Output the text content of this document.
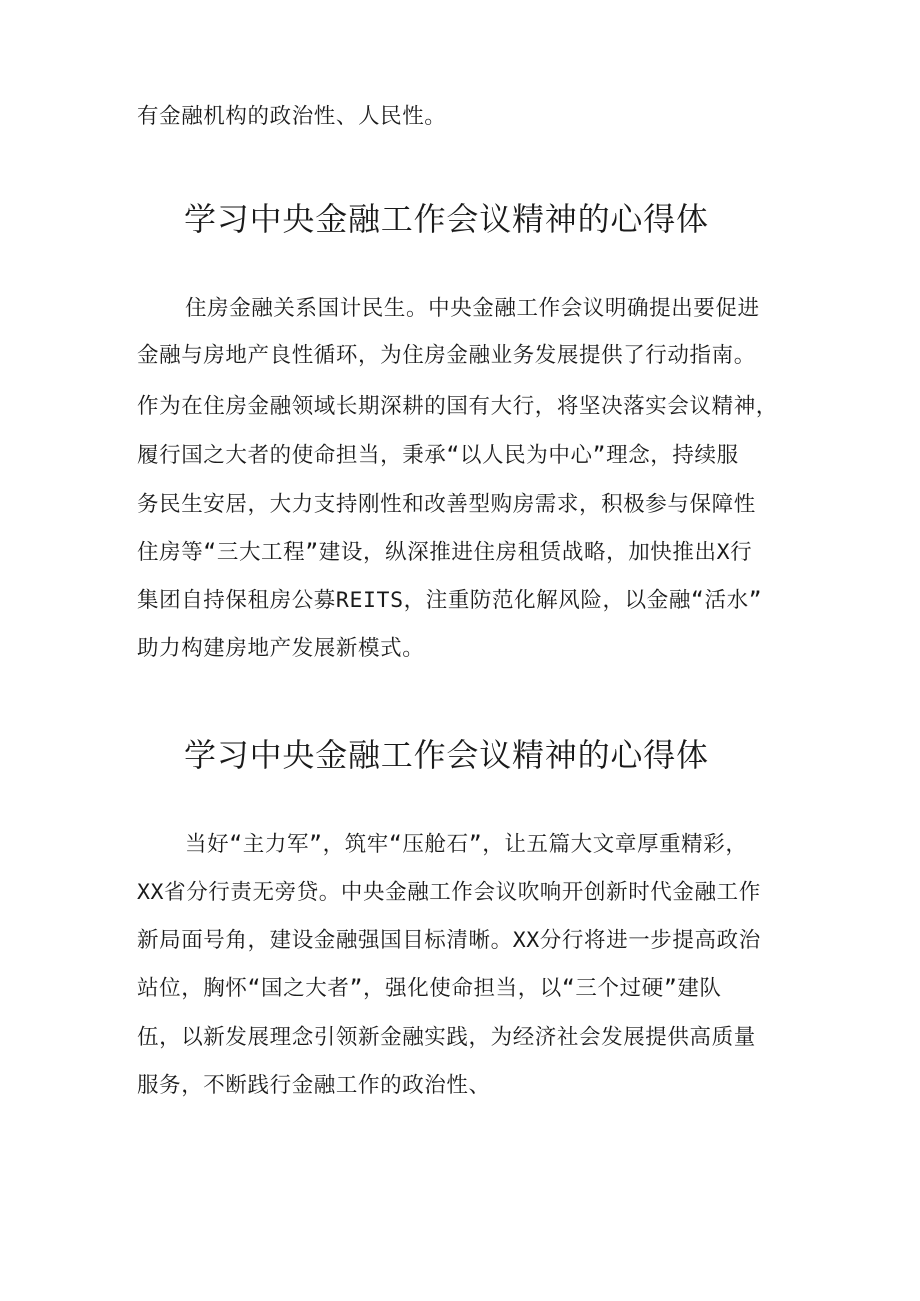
有金融机构的政治性、人民性。
学习中央金融工作会议精神的心得体
住房金融关系国计民生。中央金融工作会议明确提出要促进
金融与房地产良性循环，为住房金融业务发展提供了行动指南。
作为在住房金融领域长期深耕的国有大行，将坚决落实会议精神，
履行国之大者的使命担当，秉承“以人民为中心”理念，持续服
务民生安居，大力支持刚性和改善型购房需求，积极参与保障性
住房等“三大工程”建设，纵深推进住房租赁战略，加快推出X行
集团自持保租房公募REITS，注重防范化解风险，以金融“活水”
助力构建房地产发展新模式。
学习中央金融工作会议精神的心得体
当好“主力军”，筑牢“压舱石”，让五篇大文章厚重精彩，
XX省分行责无旁贷。中央金融工作会议吹响开创新时代金融工作
新局面号角，建设金融强国目标清晰。XX分行将进一步提高政治
站位，胸怀“国之大者”，强化使命担当，以“三个过硬”建队
伍，以新发展理念引领新金融实践，为经济社会发展提供高质量
服务，不断践行金融工作的政治性、
